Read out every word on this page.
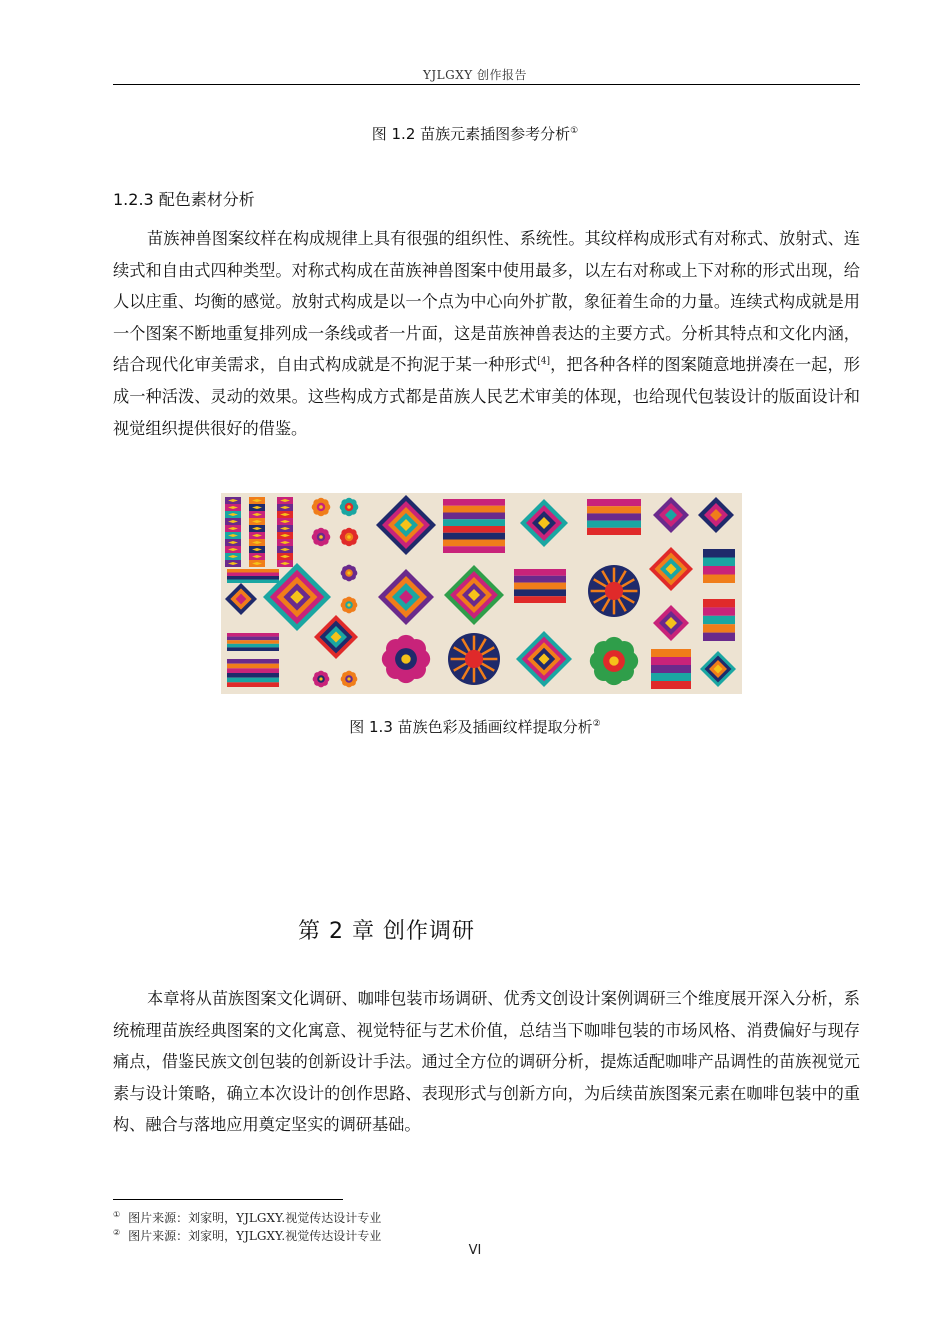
YJLGXY 创作报告
图 1.2 苗族元素插图参考分析①
1.2.3 配色素材分析

苗族神兽图案纹样在构成规律上具有很强的组织性、系统性。其纹样构成形式有对称式、放射式、连续式和自由式四种类型。对称式构成在苗族神兽图案中使用最多，以左右对称或上下对称的形式出现，给人以庄重、均衡的感觉。放射式构成是以一个点为中心向外扩散，象征着生命的力量。连续式构成就是用一个图案不断地重复排列成一条线或者一片面，这是苗族神兽表达的主要方式。分析其特点和文化内涵，结合现代化审美需求，自由式构成就是不拘泥于某一种形式[4]，把各种各样的图案随意地拼凑在一起，形成一种活泼、灵动的效果。这些构成方式都是苗族人民艺术审美的体现，也给现代包装设计的版面设计和视觉组织提供很好的借鉴。

图 1.3 苗族色彩及插画纹样提取分析②
第 2 章 创作调研

本章将从苗族图案文化调研、咖啡包装市场调研、优秀文创设计案例调研三个维度展开深入分析，系统梳理苗族经典图案的文化寓意、视觉特征与艺术价值，总结当下咖啡包装的市场风格、消费偏好与现存痛点，借鉴民族文创包装的创新设计手法。通过全方位的调研分析，提炼适配咖啡产品调性的苗族视觉元素与设计策略，确立本次设计的创作思路、表现形式与创新方向，为后续苗族图案元素在咖啡包装中的重构、融合与落地应用奠定坚实的调研基础。

① 图片来源：刘家明，YJLGXY.视觉传达设计专业
② 图片来源：刘家明，YJLGXY.视觉传达设计专业
VI
